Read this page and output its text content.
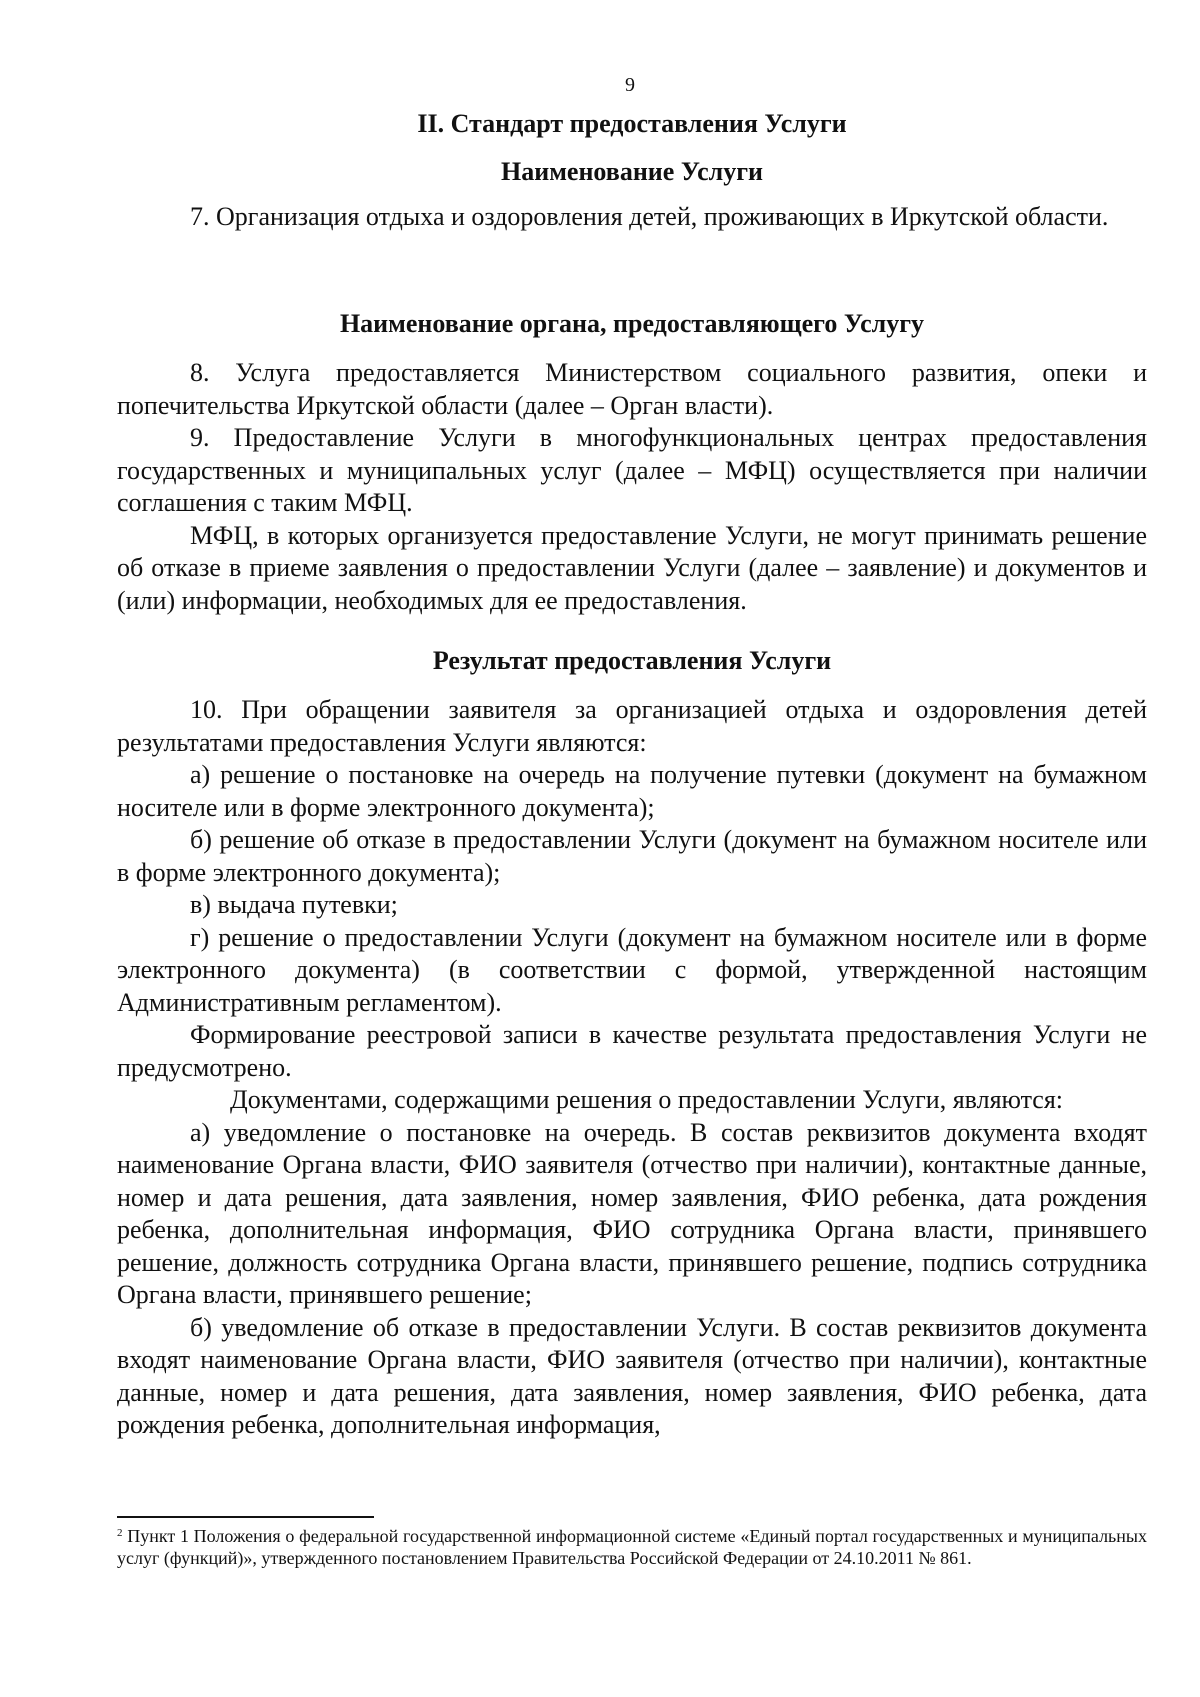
9
II. Стандарт предоставления Услуги
Наименование Услуги

7. Организация отдыха и оздоровления детей, проживающих в Иркутской области.

Наименование органа, предоставляющего Услугу

8. Услуга предоставляется Министерством социального развития, опеки и попечительства Иркутской области (далее – Орган власти).

9. Предоставление Услуги в многофункциональных центрах предоставления государственных и муниципальных услуг (далее – МФЦ) осуществляется при наличии соглашения с таким МФЦ.

МФЦ, в которых организуется предоставление Услуги, не могут принимать решение об отказе в приеме заявления о предоставлении Услуги (далее – заявление) и документов и (или) информации, необходимых для ее предоставления.

Результат предоставления Услуги

10. При обращении заявителя за организацией отдыха и оздоровления детей результатами предоставления Услуги являются:

а) решение о постановке на очередь на получение путевки (документ на бумажном носителе или в форме электронного документа);

б) решение об отказе в предоставлении Услуги (документ на бумажном носителе или в форме электронного документа);

в) выдача путевки;

г) решение о предоставлении Услуги (документ на бумажном носителе или в форме электронного документа) (в соответствии с формой, утвержденной настоящим Административным регламентом).

Формирование реестровой записи в качестве результата предоставления Услуги не предусмотрено.

Документами, содержащими решения о предоставлении Услуги, являются:

а) уведомление о постановке на очередь. В состав реквизитов документа входят наименование Органа власти, ФИО заявителя (отчество при наличии), контактные данные, номер и дата решения, дата заявления, номер заявления, ФИО ребенка, дата рождения ребенка, дополнительная информация, ФИО сотрудника Органа власти, принявшего решение, должность сотрудника Органа власти, принявшего решение, подпись сотрудника Органа власти, принявшего решение;

б) уведомление об отказе в предоставлении Услуги. В состав реквизитов документа входят наименование Органа власти, ФИО заявителя (отчество при наличии), контактные данные, номер и дата решения, дата заявления, номер заявления, ФИО ребенка, дата рождения ребенка, дополнительная информация,

$^2$ Пункт 1 Положения о федеральной государственной информационной системе «Единый портал государственных и муниципальных услуг (функций)», утвержденного постановлением Правительства Российской Федерации от 24.10.2011 № 861.
